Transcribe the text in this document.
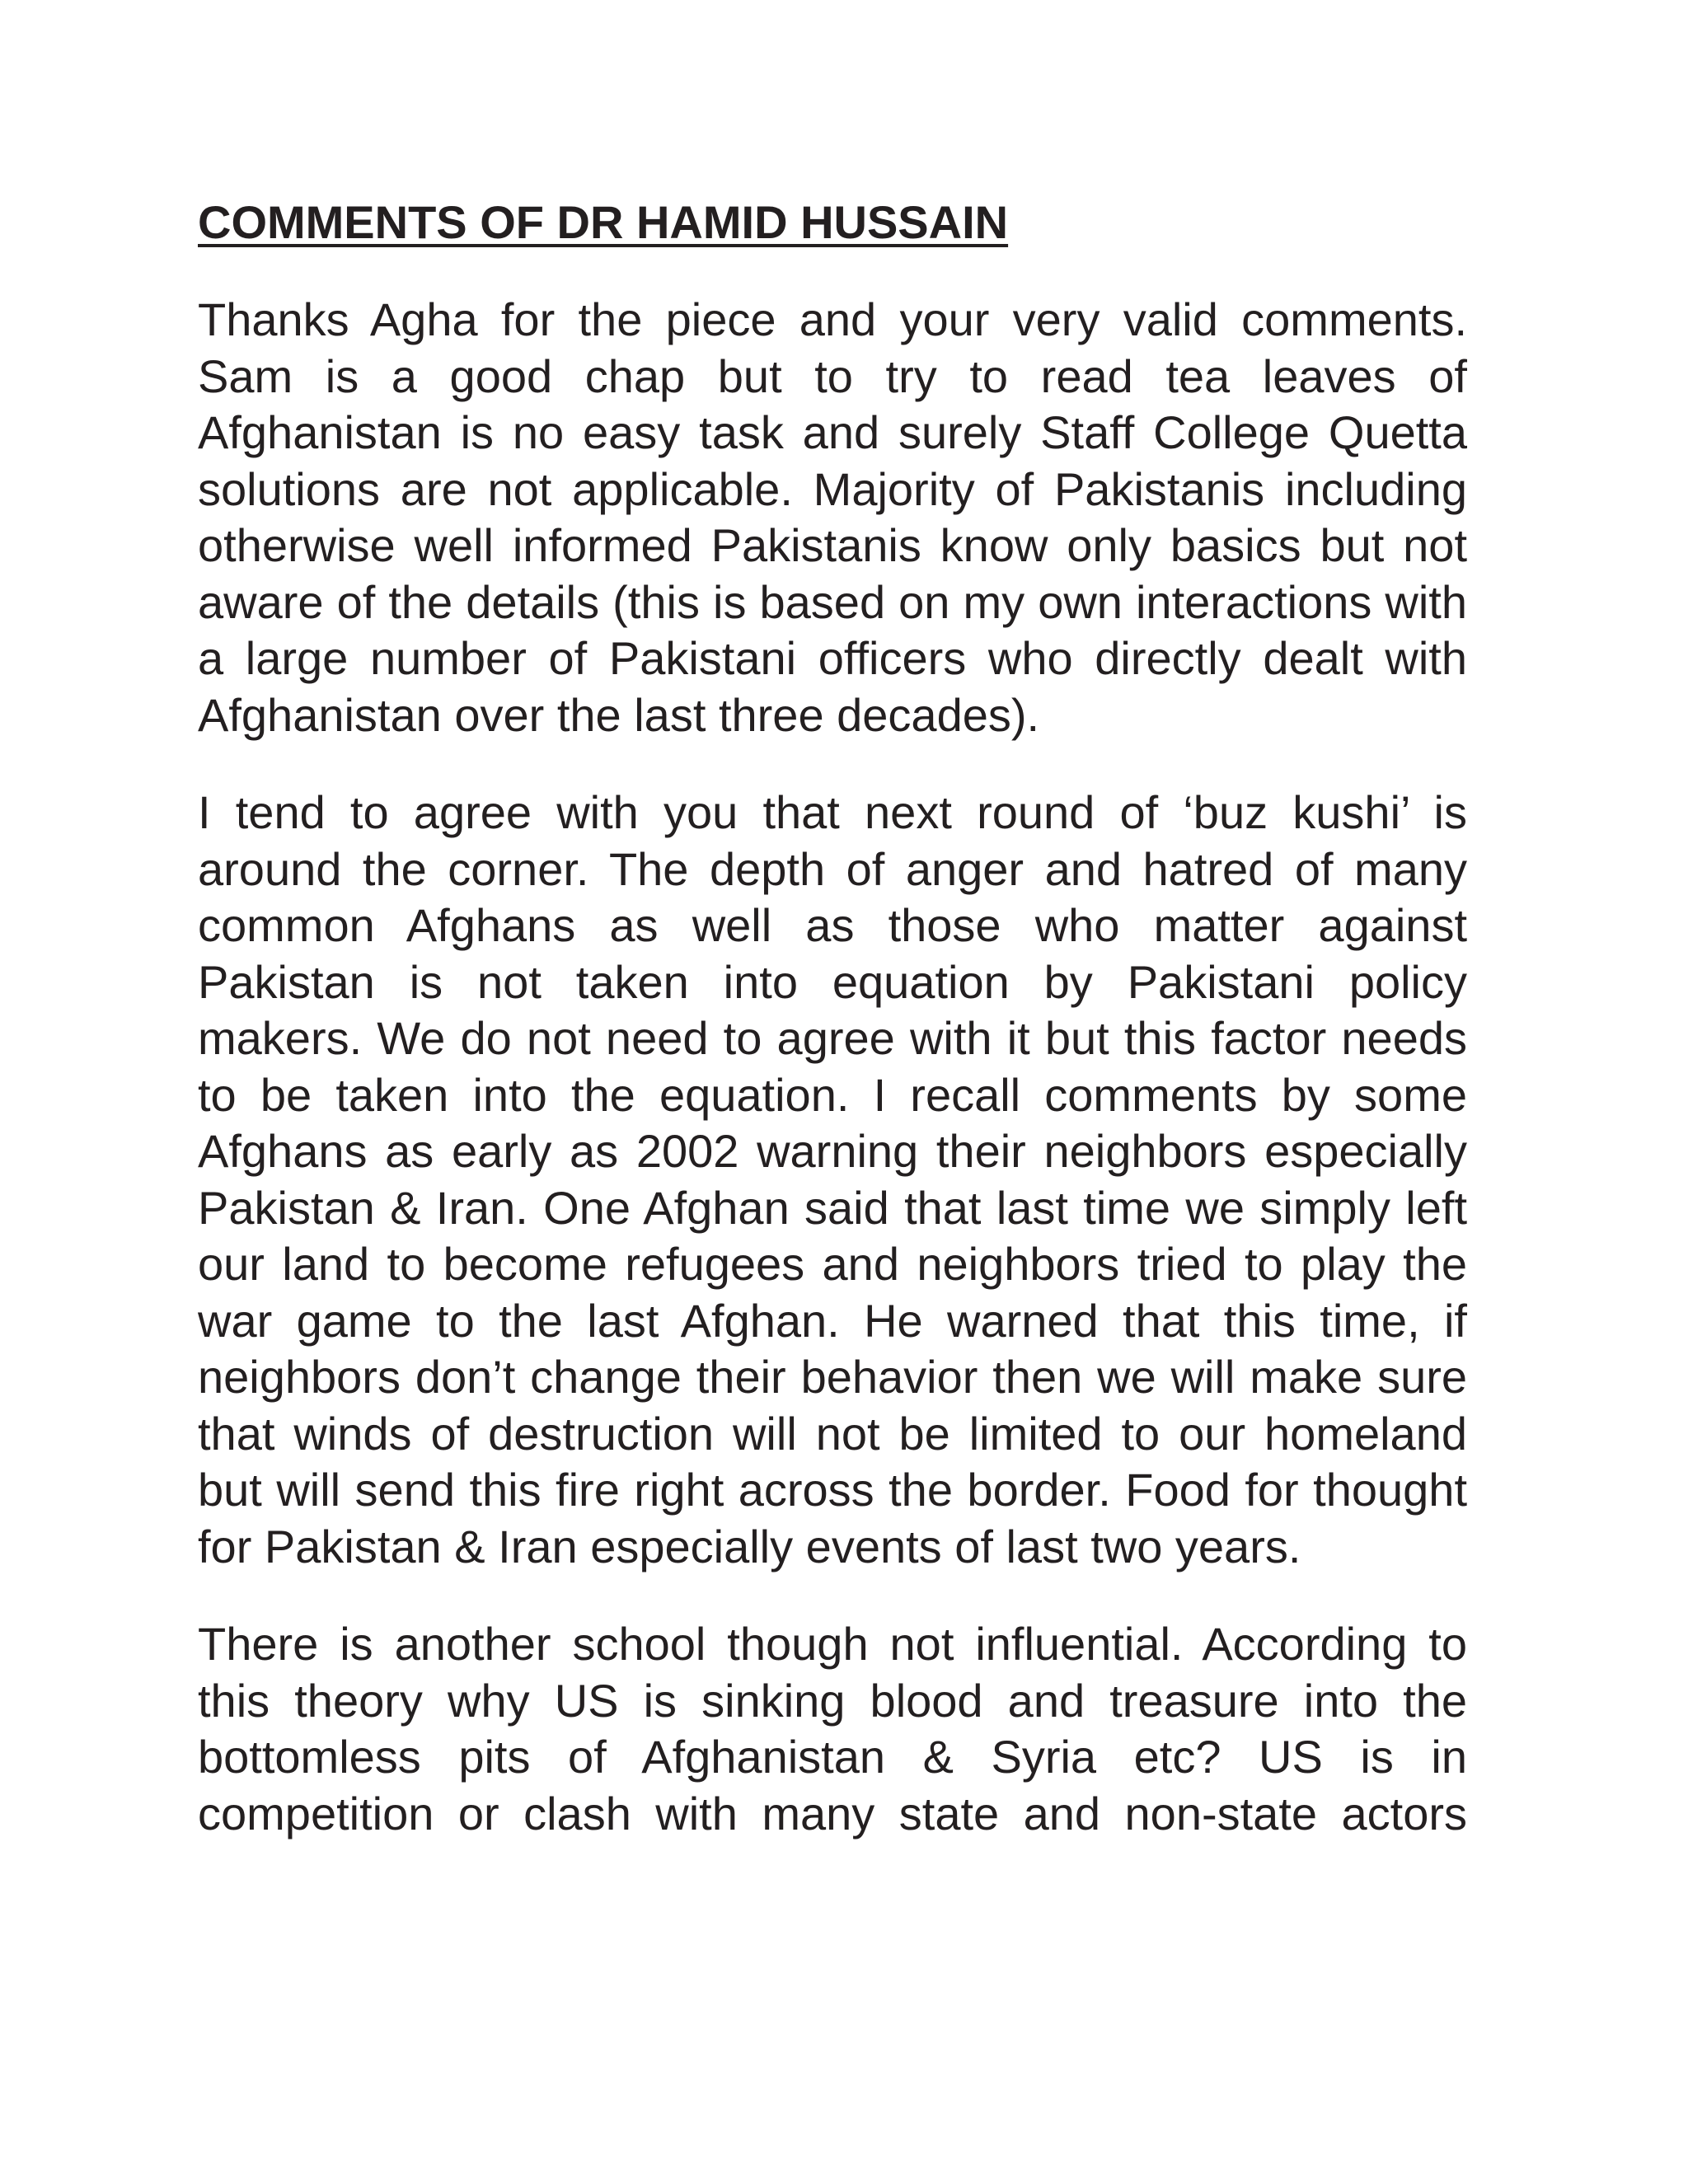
COMMENTS OF DR HAMID HUSSAIN

Thanks Agha for the piece and your very valid comments. Sam is a good chap but to try to read tea leaves of Afghanistan is no easy task and surely Staff College Quetta solutions are not applicable. Majority of Pakistanis including otherwise well informed Pakistanis know only basics but not aware of the details (this is based on my own interactions with a large number of Pakistani officers who directly dealt with Afghanistan over the last three decades).

I tend to agree with you that next round of ‘buz kushi’ is around the corner. The depth of anger and hatred of many common Afghans as well as those who matter against Pakistan is not taken into equation by Pakistani policy makers. We do not need to agree with it but this factor needs to be taken into the equation. I recall comments by some Afghans as early as 2002 warning their neighbors especially Pakistan & Iran. One Afghan said that last time we simply left our land to become refugees and neighbors tried to play the war game to the last Afghan. He warned that this time, if neighbors don’t change their behavior then we will make sure that winds of destruction will not be limited to our homeland but will send this fire right across the border. Food for thought for Pakistan & Iran especially events of last two years.

There is another school though not influential. According to this theory why US is sinking blood and treasure into the bottomless pits of Afghanistan & Syria etc? US is in competition or clash with many state and non-state actors
